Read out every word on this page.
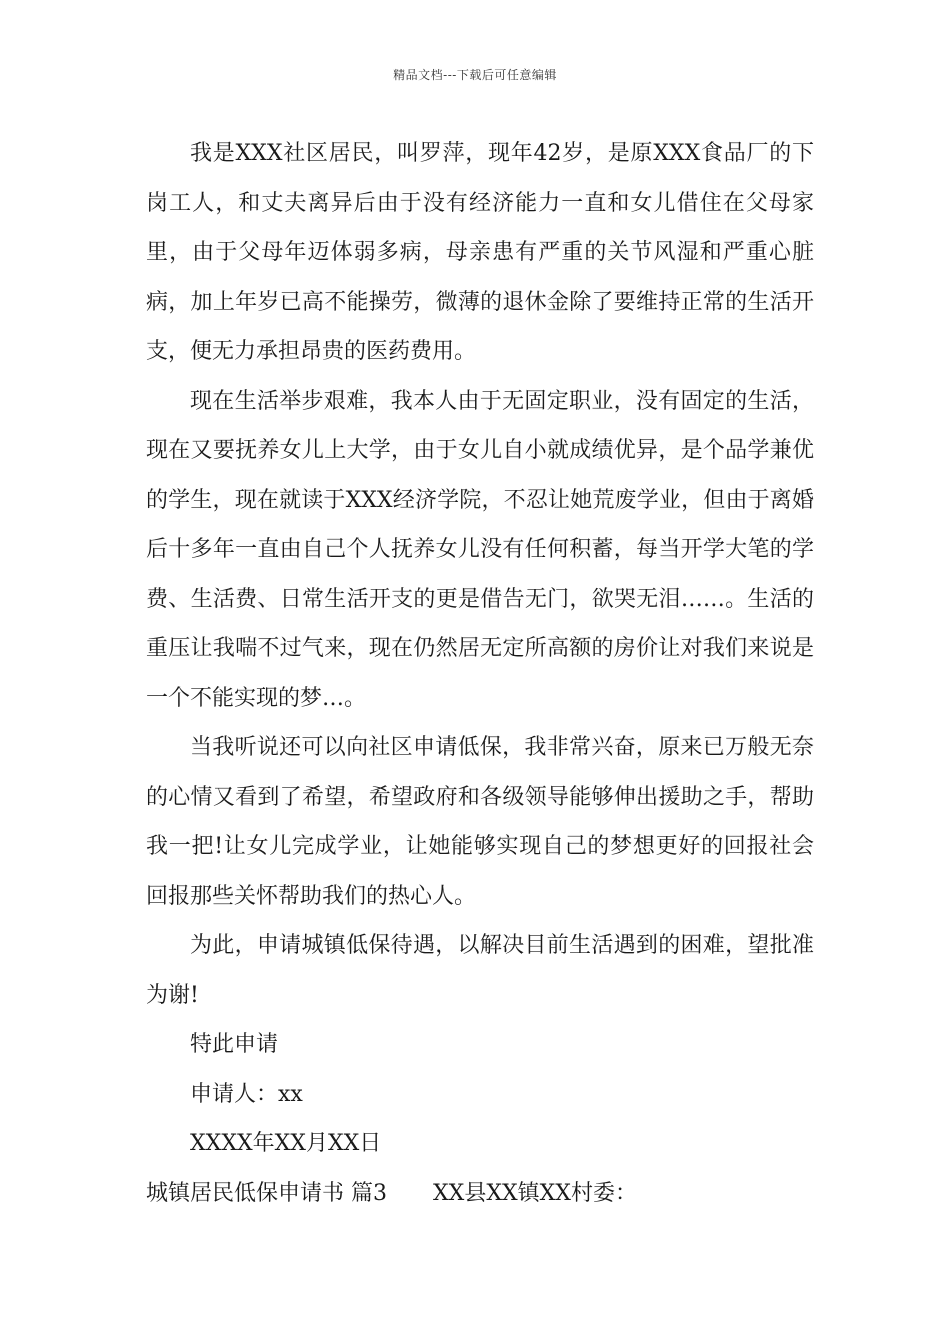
精品文档---下载后可任意编辑

我是XXX社区居民，叫罗萍，现年42岁，是原XXX食品厂的下岗工人，和丈夫离异后由于没有经济能力一直和女儿借住在父母家里，由于父母年迈体弱多病，母亲患有严重的关节风湿和严重心脏病，加上年岁已高不能操劳，微薄的退休金除了要维持正常的生活开支，便无力承担昂贵的医药费用。

现在生活举步艰难，我本人由于无固定职业，没有固定的生活，现在又要抚养女儿上大学，由于女儿自小就成绩优异，是个品学兼优的学生，现在就读于XXX经济学院，不忍让她荒废学业，但由于离婚后十多年一直由自己个人抚养女儿没有任何积蓄，每当开学大笔的学费、生活费、日常生活开支的更是借告无门，欲哭无泪……。生活的重压让我喘不过气来，现在仍然居无定所高额的房价让对我们来说是一个不能实现的梦…。

当我听说还可以向社区申请低保，我非常兴奋，原来已万般无奈的心情又看到了希望，希望政府和各级领导能够伸出援助之手，帮助我一把!让女儿完成学业，让她能够实现自己的梦想更好的回报社会回报那些关怀帮助我们的热心人。

为此，申请城镇低保待遇，以解决目前生活遇到的困难，望批准为谢!

特此申请

申请人：xx

XXXX年XX月XX日

城镇居民低保申请书 篇3 XX县XX镇XX村委：
